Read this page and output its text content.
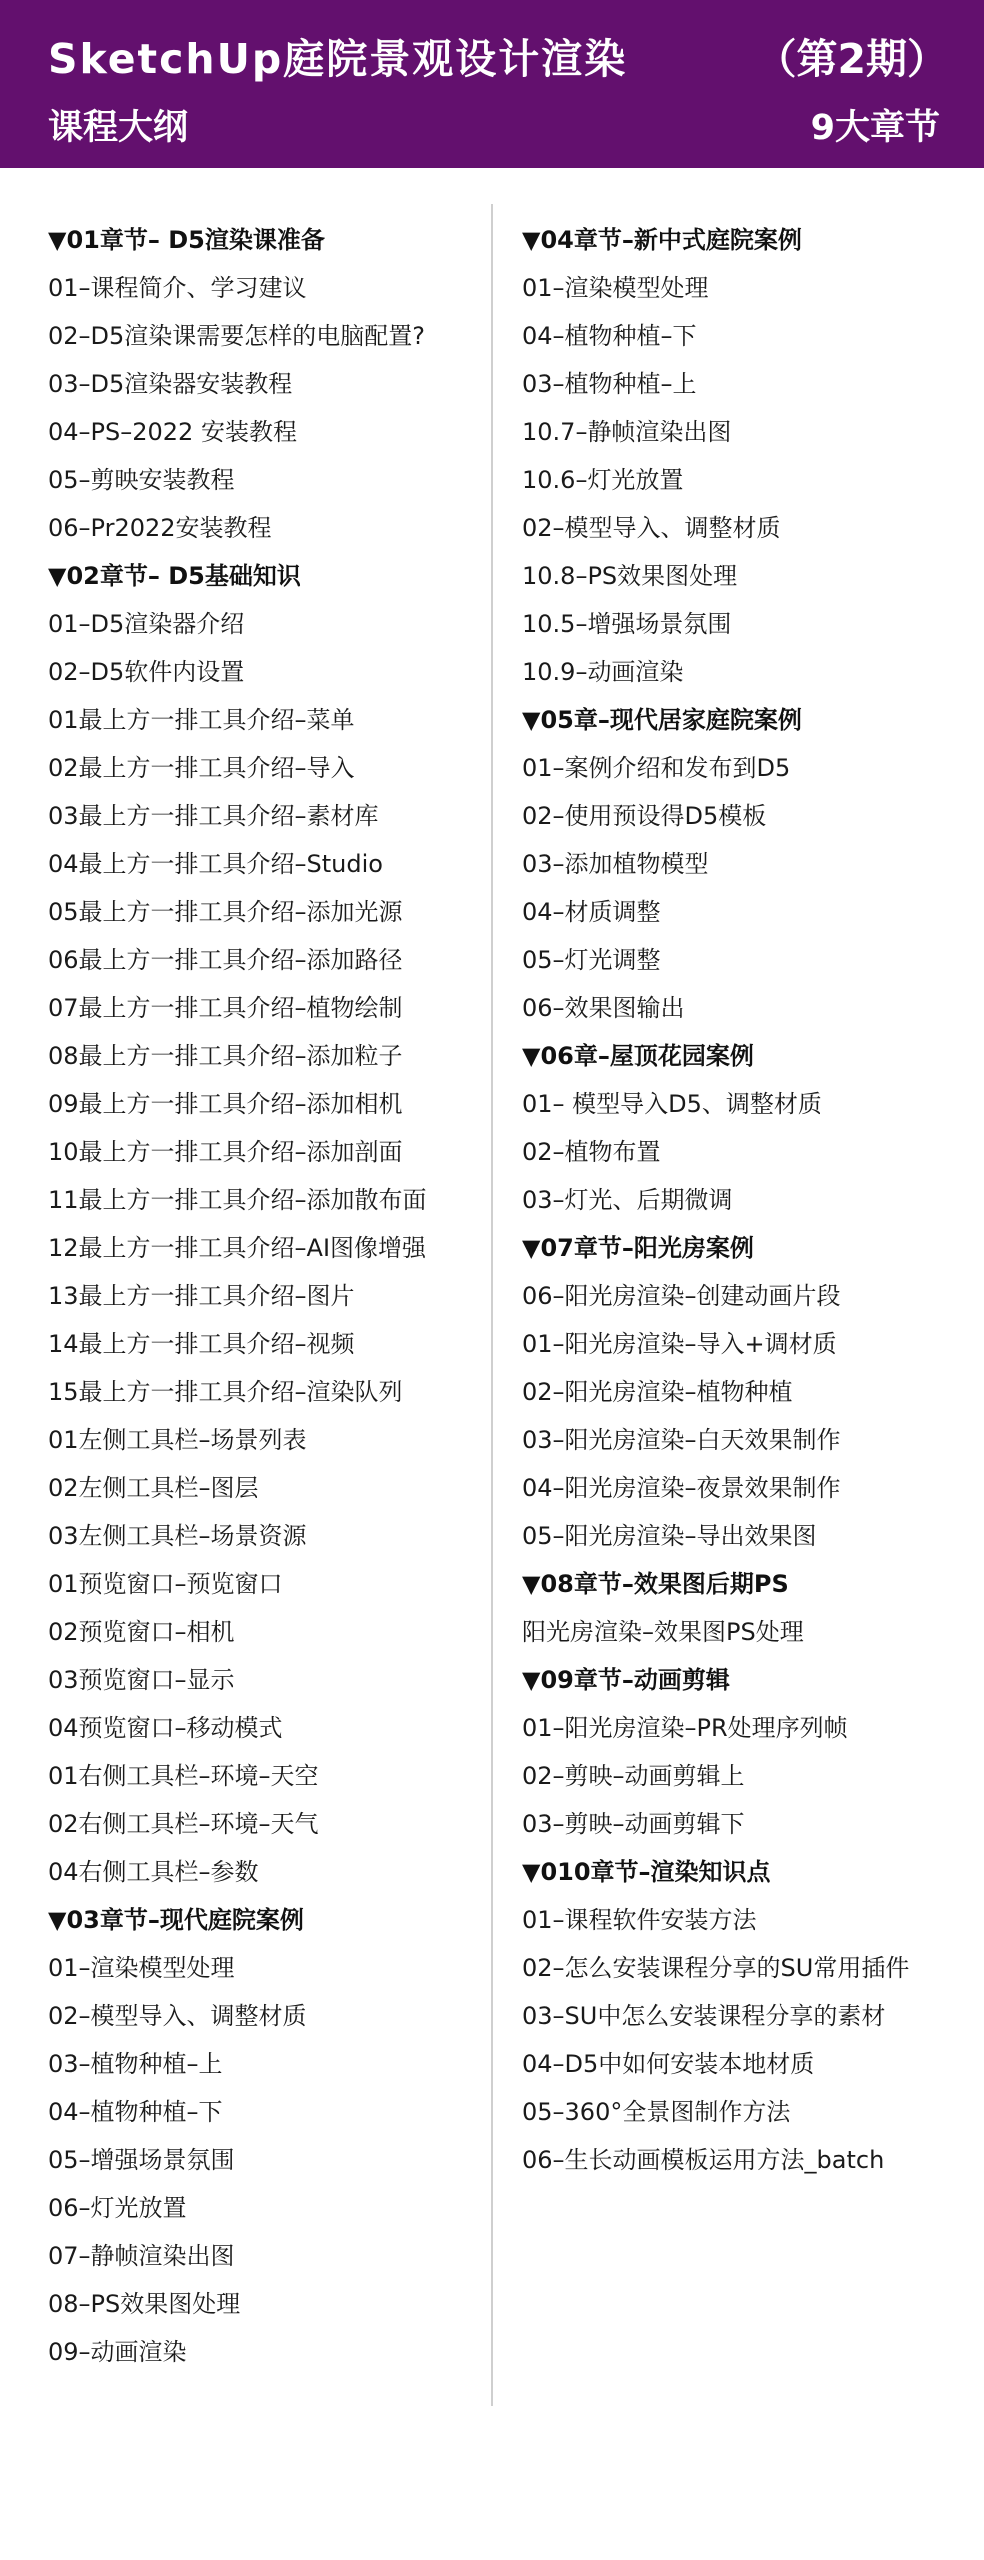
SketchUp庭院景观设计渲染	（第2期）
课程大纲	9大章节
▼01章节– D5渲染课准备
01–课程简介、学习建议
02–D5渲染课需要怎样的电脑配置?
03–D5渲染器安装教程
04–PS–2022 安装教程
05–剪映安装教程
06–Pr2022安装教程
▼02章节– D5基础知识
01–D5渲染器介绍
02–D5软件内设置
01最上方一排工具介绍–菜单
02最上方一排工具介绍–导入
03最上方一排工具介绍–素材库
04最上方一排工具介绍–Studio
05最上方一排工具介绍–添加光源
06最上方一排工具介绍–添加路径
07最上方一排工具介绍–植物绘制
08最上方一排工具介绍–添加粒子
09最上方一排工具介绍–添加相机
10最上方一排工具介绍–添加剖面
11最上方一排工具介绍–添加散布面
12最上方一排工具介绍–AI图像增强
13最上方一排工具介绍–图片
14最上方一排工具介绍–视频
15最上方一排工具介绍–渲染队列
01左侧工具栏–场景列表
02左侧工具栏–图层
03左侧工具栏–场景资源
01预览窗口–预览窗口
02预览窗口–相机
03预览窗口–显示
04预览窗口–移动模式
01右侧工具栏–环境–天空
02右侧工具栏–环境–天气
04右侧工具栏–参数
▼03章节–现代庭院案例
01–渲染模型处理
02–模型导入、调整材质
03–植物种植–上
04–植物种植–下
05–增强场景氛围
06–灯光放置
07–静帧渲染出图
08–PS效果图处理
09–动画渲染
▼04章节–新中式庭院案例
01–渲染模型处理
04–植物种植–下
03–植物种植–上
10.7–静帧渲染出图
10.6–灯光放置
02–模型导入、调整材质
10.8–PS效果图处理
10.5–增强场景氛围
10.9–动画渲染
▼05章–现代居家庭院案例
01–案例介绍和发布到D5
02–使用预设得D5模板
03–添加植物模型
04–材质调整
05–灯光调整
06–效果图输出
▼06章–屋顶花园案例
01– 模型导入D5、调整材质
02–植物布置
03–灯光、后期微调
▼07章节–阳光房案例
06–阳光房渲染–创建动画片段
01–阳光房渲染–导入+调材质
02–阳光房渲染–植物种植
03–阳光房渲染–白天效果制作
04–阳光房渲染–夜景效果制作
05–阳光房渲染–导出效果图
▼08章节–效果图后期PS
阳光房渲染–效果图PS处理
▼09章节–动画剪辑
01–阳光房渲染–PR处理序列帧
02–剪映–动画剪辑上
03–剪映–动画剪辑下
▼010章节–渲染知识点
01–课程软件安装方法
02–怎么安装课程分享的SU常用插件
03–SU中怎么安装课程分享的素材
04–D5中如何安装本地材质
05–360°全景图制作方法
06–生长动画模板运用方法_batch
